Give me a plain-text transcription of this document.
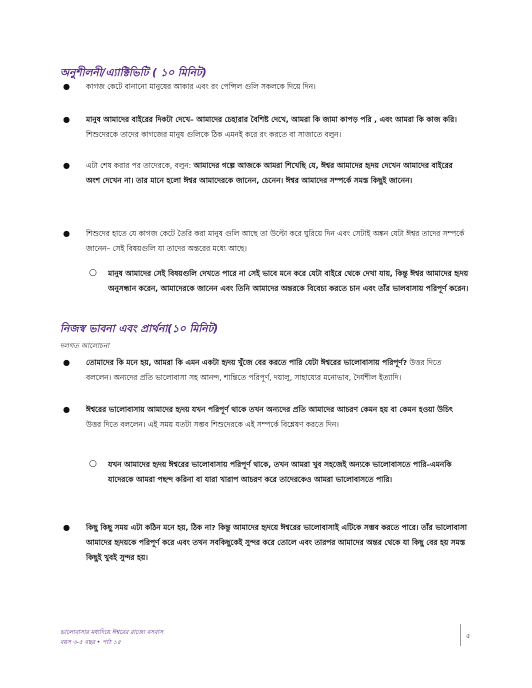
অনুশীলনী/এ্যাক্টিভিটি ( ১০ মিনিট)
● কাগজ কেটে বানানো মানুষের আকার এবং রং পেন্সিল গুলি সকলকে দিয়ে দিন।
● মানুষ আমাদের বাইরের দিকটা দেখে– আমাদের চেহারার বৈশিষ্ট দেখে, আমরা কি জামা কাপড় পরি , এবং আমরা কি কাজ করি। শিশুদেরকে তাদের কাগজের মানুষ গুলিকে ঠিক এমনই করে রং করতে বা সাজাতে বলুন।
● এটা শেষ করার পর তাদেরকে, বলুন: আমাদের গল্পে আজকে আমরা শিখেছি যে, ঈশ্বর আমাদের হৃদয় দেখেন আমাদের বাইরের অংশ দেখেন না। তার মানে হলো ঈশ্বর আমাদেরকে জানেন, চেনেন। ঈশ্বর আমাদের সম্পর্কে সমস্ত কিছুই জানেন।
● শিশুদের হাতে যে কাগজ কেটে তৈরি করা মানুষ গুলি আছে তা উল্টো করে ঘুরিয়ে দিন এবং সেটাই অঙ্কন যেটা ঈশ্বর তাদের সম্পর্কে জানেন– সেই বিষয়গুলি যা তাদের অন্তরের মধ্যে আছে।
○ মানুষ আমাদের সেই বিষয়গুলি দেখতে পারে না সেই ভাবে মনে করে যেটা বাইরে থেকে দেখা যায়, কিন্তু ঈশ্বর আমাদের হৃদয় অনুসন্ধান করেন, আমাদেরকে জানেন এবং তিনি আমাদের অন্তরকে বিবেচ্য করতে চান এবং তাঁর ভালবাসায় পরিপূর্ণ করেন।
নিজস্ব ভাবনা এবং প্রার্থনা(১০ মিনিট)
দলগত আলোচনা
● তোমাদের কি মনে হয়, আমরা কি এমন একটা হৃদয় খুঁজে বের করতে পারি যেটা ঈশ্বরের ভালোবাসায় পরিপূর্ণ? উত্তর দিতে বললেন। অন্যদের প্রতি ভালোবাসা সহ আনন্দ, শান্তিতে পরিপূর্ণ, দয়ালু, সাহায্যের মনোভাব, দৈর্যশীল ইত্যাদি।
● ঈশ্বরের ভালোবাসায় আমাদের হৃদয় যখন পরিপূর্ণ থাকে তখন অন্যদের প্রতি আমাদের আচরণ কেমন হয় বা কেমন হওয়া উচিৎ উত্তর দিতে বললেন। এই সময় যতটা সম্ভব শিশুদেরকে এই সম্পর্কে বিশ্লেষণ করতে দিন।
○ যখন আমাদের হৃদয় ঈশ্বরের ভালোবাসায় পরিপূর্ণ থাকে, তখন আমরা খুব সহজেই অন্যকে ভালোবাসতে পারি–এমনকি যাদেরকে আমরা পছন্দ করিনা বা যারা খারাপ আচরণ করে তাদেরকেও আমরা ভালোবাসতে পারি।
● কিছু কিছু সময় এটা কঠিন মনে হয়, ঠিক না? কিন্তু আমাদের হৃদয়ে ঈশ্বরের ভালোবাসাই এটিকে সম্ভব করতে পারে। তাঁর ভালোবাসা আমাদের হৃদয়কে পরিপূর্ণ করে এবং তখন সবকিছুকেই সুন্দর করে তোলে এবং তারপর আমাদের অন্তর থেকে যা কিছু বের হয় সমস্ত কিছুই খুবই সুন্দর হয়।
ভালোবাসার মধ্যদিয়ে ঈশ্বরের রাজ্যে বসবাস
বয়স ৩-৫ বছর • পাঠ ১৫
৫
